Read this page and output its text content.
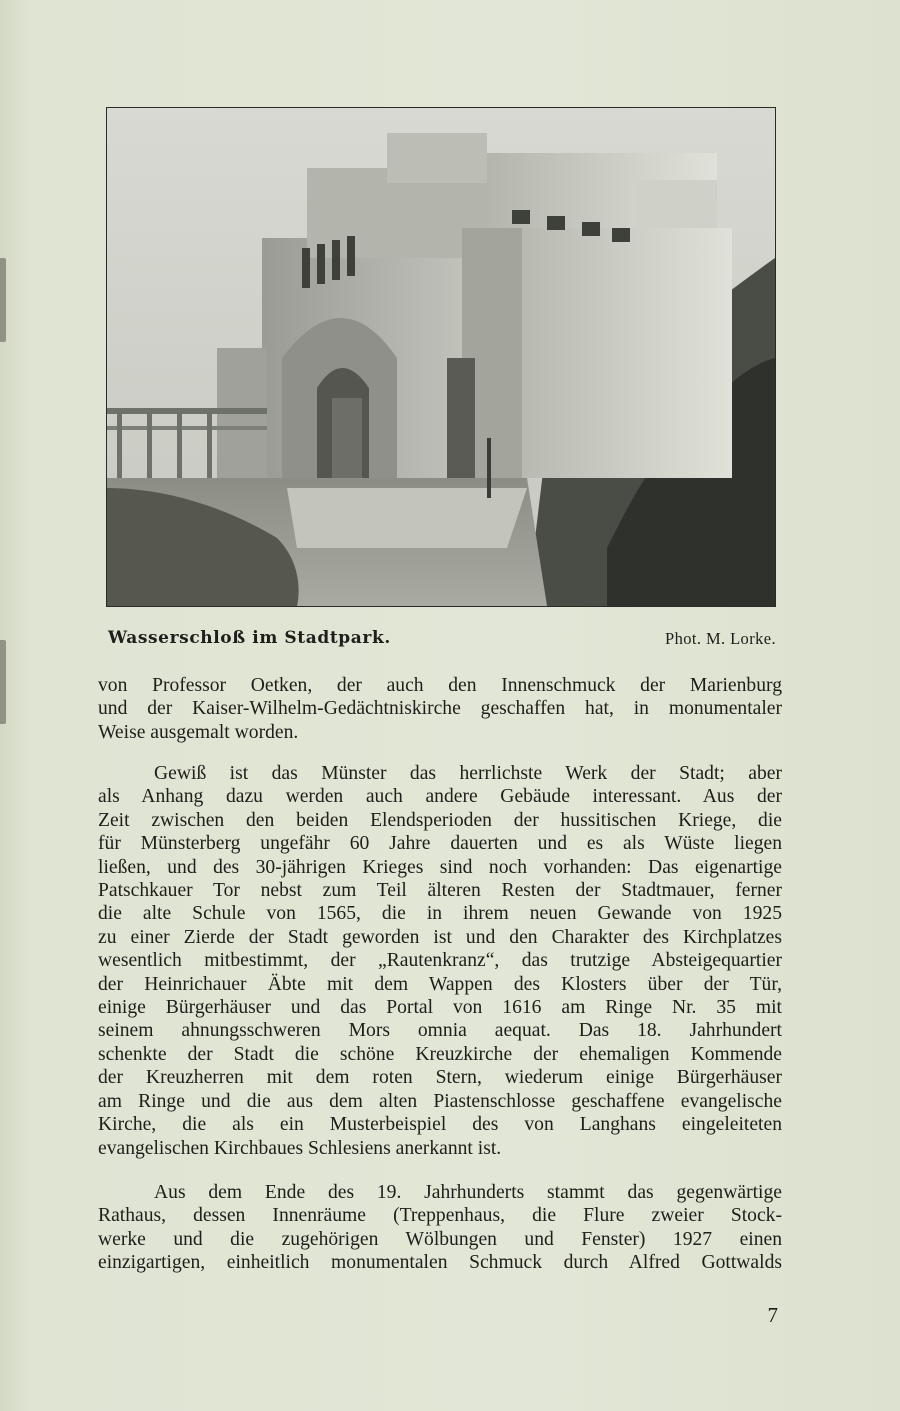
Wasserschloß im Stadtpark.	Phot. M. Lorke.
von Professor Oetken, der auch den Innenschmuck der Marienburg
und der Kaiser-Wilhelm-Gedächtniskirche geschaffen hat, in monumentaler
Weise ausgemalt worden.
Gewiß ist das Münster das herrlichste Werk der Stadt; aber
als Anhang dazu werden auch andere Gebäude interessant. Aus der
Zeit zwischen den beiden Elendsperioden der hussitischen Kriege, die
für Münsterberg ungefähr 60 Jahre dauerten und es als Wüste liegen
ließen, und des 30-jährigen Krieges sind noch vorhanden: Das eigenartige
Patschkauer Tor nebst zum Teil älteren Resten der Stadtmauer, ferner
die alte Schule von 1565, die in ihrem neuen Gewande von 1925
zu einer Zierde der Stadt geworden ist und den Charakter des Kirchplatzes
wesentlich mitbestimmt, der „Rautenkranz“, das trutzige Absteigequartier
der Heinrichauer Äbte mit dem Wappen des Klosters über der Tür,
einige Bürgerhäuser und das Portal von 1616 am Ringe Nr. 35 mit
seinem ahnungsschweren Mors omnia aequat. Das 18. Jahrhundert
schenkte der Stadt die schöne Kreuzkirche der ehemaligen Kommende
der Kreuzherren mit dem roten Stern, wiederum einige Bürgerhäuser
am Ringe und die aus dem alten Piastenschlosse geschaffene evangelische
Kirche, die als ein Musterbeispiel des von Langhans eingeleiteten
evangelischen Kirchbaues Schlesiens anerkannt ist.
Aus dem Ende des 19. Jahrhunderts stammt das gegenwärtige
Rathaus, dessen Innenräume (Treppenhaus, die Flure zweier Stock-
werke und die zugehörigen Wölbungen und Fenster) 1927 einen
einzigartigen, einheitlich monumentalen Schmuck durch Alfred Gottwalds
7
